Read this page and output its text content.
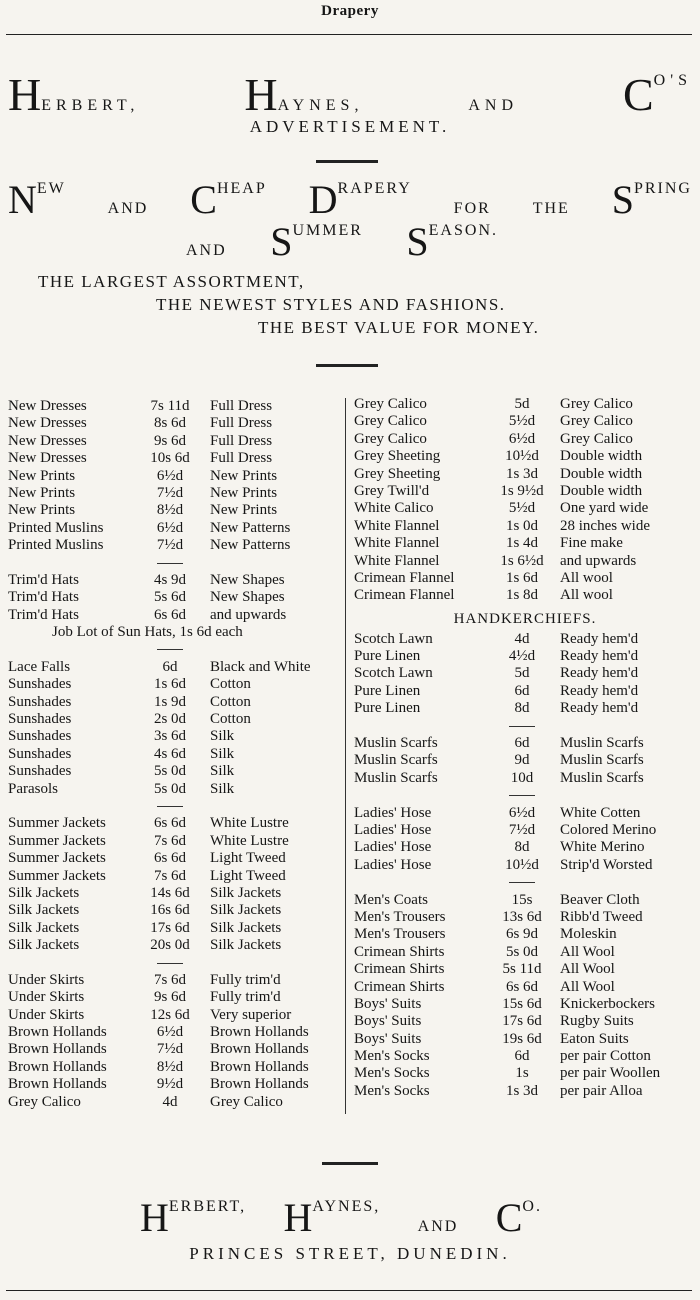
Drapery
HERBERT, HAYNES,	AND CO'S
ADVERTISEMENT.
NEW
AND CHEAP DRAPERY
FOR	THE SPRING
AND SUMMER SEASON.
THE LARGEST ASSORTMENT,
THE NEWEST STYLES AND FASHIONS.
THE BEST VALUE FOR MONEY.
New Dresses	7s 11d	Full Dress
New Dresses	8s 6d	Full Dress
New Dresses	9s 6d	Full Dress
New Dresses	10s 6d	Full Dress
New Prints	6½d	New Prints
New Prints	7½d	New Prints
New Prints	8½d	New Prints
Printed Muslins	6½d	New Patterns
Printed Muslins	7½d	New Patterns
Trim'd Hats	4s 9d	New Shapes
Trim'd Hats	5s 6d	New Shapes
Trim'd Hats	6s 6d	and upwards
Job Lot of Sun Hats, 1s 6d each
Lace Falls	6d	Black and White
Sunshades	1s 6d	Cotton
Sunshades	1s 9d	Cotton
Sunshades	2s 0d	Cotton
Sunshades	3s 6d	Silk
Sunshades	4s 6d	Silk
Sunshades	5s 0d	Silk
Parasols	5s 0d	Silk
Summer Jackets	6s 6d	White Lustre
Summer Jackets	7s 6d	White Lustre
Summer Jackets	6s 6d	Light Tweed
Summer Jackets	7s 6d	Light Tweed
Silk Jackets	14s 6d	Silk Jackets
Silk Jackets	16s 6d	Silk Jackets
Silk Jackets	17s 6d	Silk Jackets
Silk Jackets	20s 0d	Silk Jackets
Under Skirts	7s 6d	Fully trim'd
Under Skirts	9s 6d	Fully trim'd
Under Skirts	12s 6d	Very superior
Brown Hollands	6½d	Brown Hollands
Brown Hollands	7½d	Brown Hollands
Brown Hollands	8½d	Brown Hollands
Brown Hollands	9½d	Brown Hollands
Grey Calico	4d	Grey Calico
Grey Calico	5d	Grey Calico
Grey Calico	5½d	Grey Calico
Grey Calico	6½d	Grey Calico
Grey Sheeting	10½d	Double width
Grey Sheeting	1s 3d	Double width
Grey Twill'd	1s 9½d	Double width
White Calico	5½d	One yard wide
White Flannel	1s 0d	28 inches wide
White Flannel	1s 4d	Fine make
White Flannel	1s 6½d	and upwards
Crimean Flannel	1s 6d	All wool
Crimean Flannel	1s 8d	All wool
HANDKERCHIEFS.
Scotch Lawn	4d	Ready hem'd
Pure Linen	4½d	Ready hem'd
Scotch Lawn	5d	Ready hem'd
Pure Linen	6d	Ready hem'd
Pure Linen	8d	Ready hem'd
Muslin Scarfs	6d	Muslin Scarfs
Muslin Scarfs	9d	Muslin Scarfs
Muslin Scarfs	10d	Muslin Scarfs
Ladies' Hose	6½d	White Cotten
Ladies' Hose	7½d	Colored Merino
Ladies' Hose	8d	White Merino
Ladies' Hose	10½d	Strip'd Worsted
Men's Coats	15s	Beaver Cloth
Men's Trousers	13s 6d	Ribb'd Tweed
Men's Trousers	6s 9d	Moleskin
Crimean Shirts	5s 0d	All Wool
Crimean Shirts	5s 11d	All Wool
Crimean Shirts	6s 6d	All Wool
Boys' Suits	15s 6d	Knickerbockers
Boys' Suits	17s 6d	Rugby Suits
Boys' Suits	19s 6d	Eaton Suits
Men's Socks	6d	per pair Cotton
Men's Socks	1s	per pair Woollen
Men's Socks	1s 3d	per pair Alloa
HERBERT, HAYNES,
AND CO.
PRINCES STREET, DUNEDIN.
